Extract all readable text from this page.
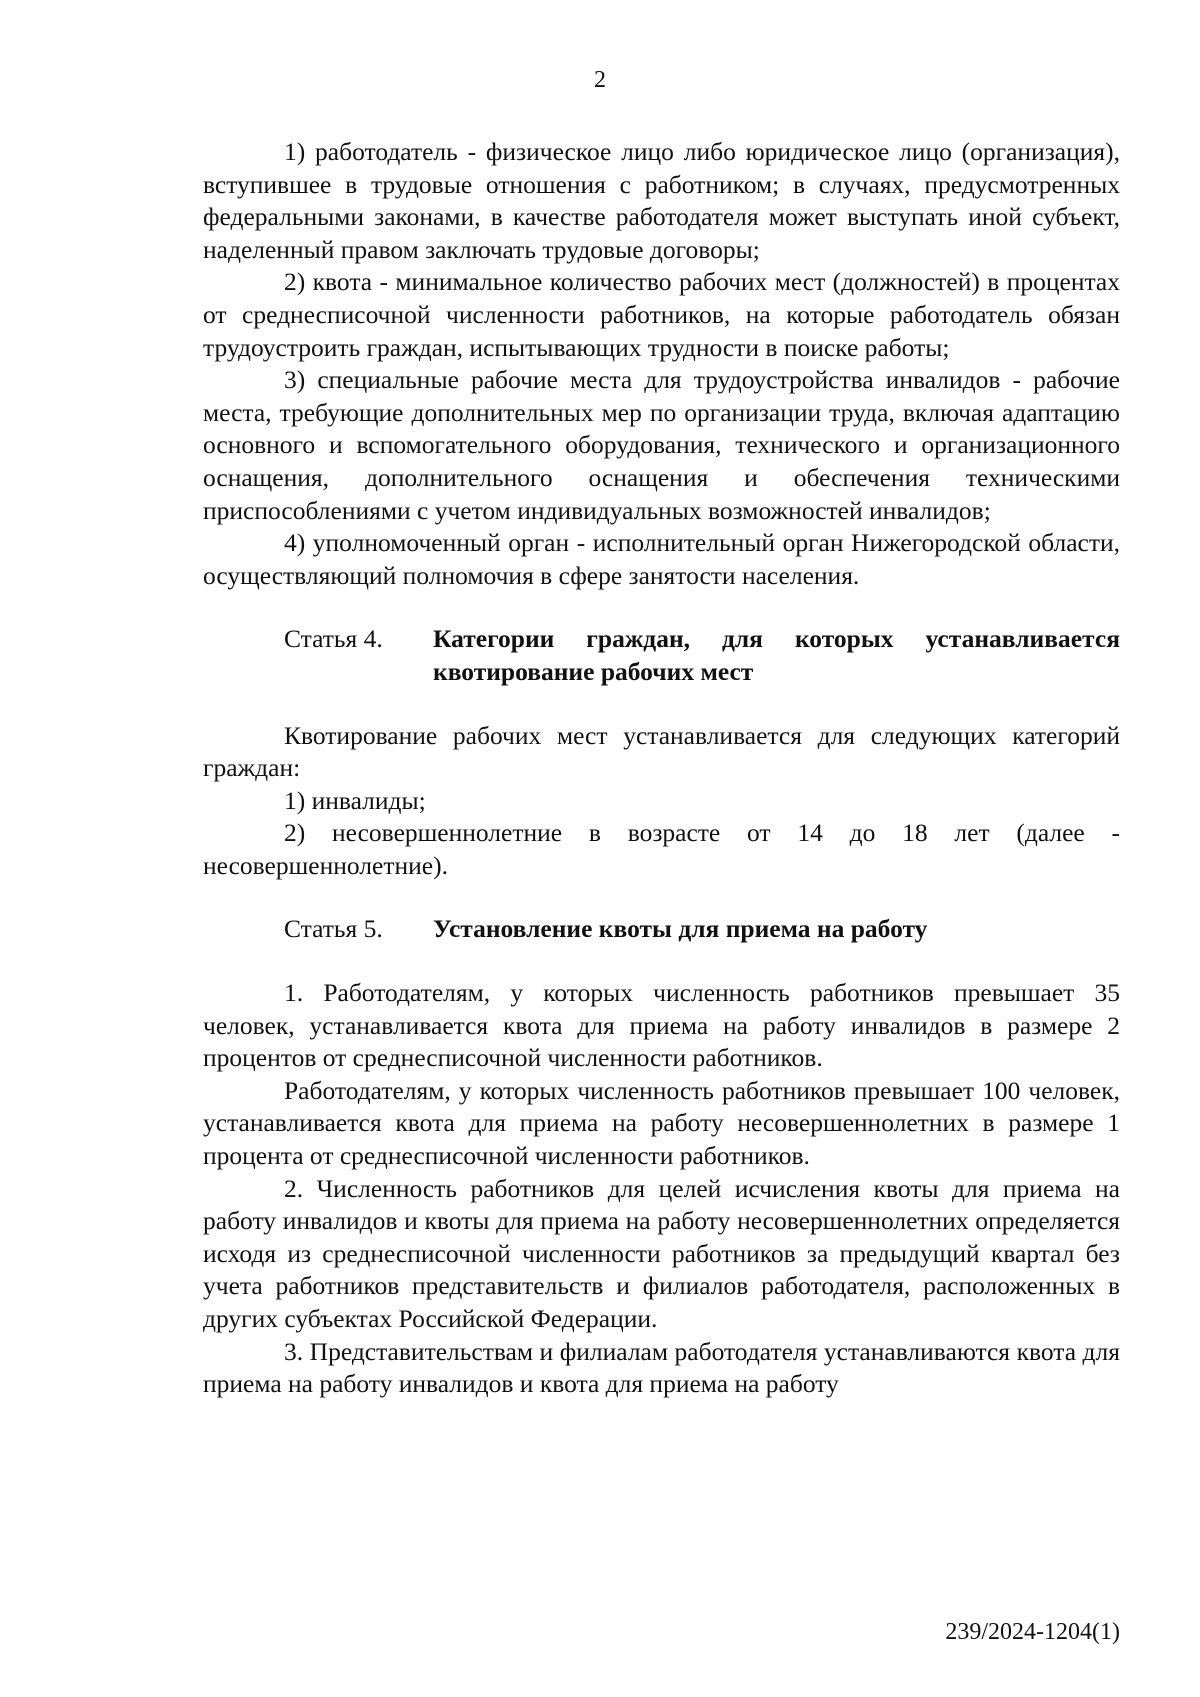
2

1) работодатель - физическое лицо либо юридическое лицо (организация), вступившее в трудовые отношения с работником; в случаях, предусмотренных федеральными законами, в качестве работодателя может выступать иной субъект, наделенный правом заключать трудовые договоры;

2) квота - минимальное количество рабочих мест (должностей) в процентах от среднесписочной численности работников, на которые работодатель обязан трудоустроить граждан, испытывающих трудности в поиске работы;

3) специальные рабочие места для трудоустройства инвалидов - рабочие места, требующие дополнительных мер по организации труда, включая адаптацию основного и вспомогательного оборудования, технического и организационного оснащения, дополнительного оснащения и обеспечения техническими приспособлениями с учетом индивидуальных возможностей инвалидов;

4) уполномоченный орган - исполнительный орган Нижегородской области, осуществляющий полномочия в сфере занятости населения.

Статья 4.	Категории граждан, для которых устанавливается квотирование рабочих мест

Квотирование рабочих мест устанавливается для следующих категорий граждан:

1) инвалиды;

2) несовершеннолетние в возрасте от 14 до 18 лет (далее - несовершеннолетние).

Статья 5.	Установление квоты для приема на работу

1. Работодателям, у которых численность работников превышает 35 человек, устанавливается квота для приема на работу инвалидов в размере 2 процентов от среднесписочной численности работников.

Работодателям, у которых численность работников превышает 100 человек, устанавливается квота для приема на работу несовершеннолетних в размере 1 процента от среднесписочной численности работников.

2. Численность работников для целей исчисления квоты для приема на работу инвалидов и квоты для приема на работу несовершеннолетних определяется исходя из среднесписочной численности работников за предыдущий квартал без учета работников представительств и филиалов работодателя, расположенных в других субъектах Российской Федерации.

3. Представительствам и филиалам работодателя устанавливаются квота для приема на работу инвалидов и квота для приема на работу

239/2024-1204(1)
